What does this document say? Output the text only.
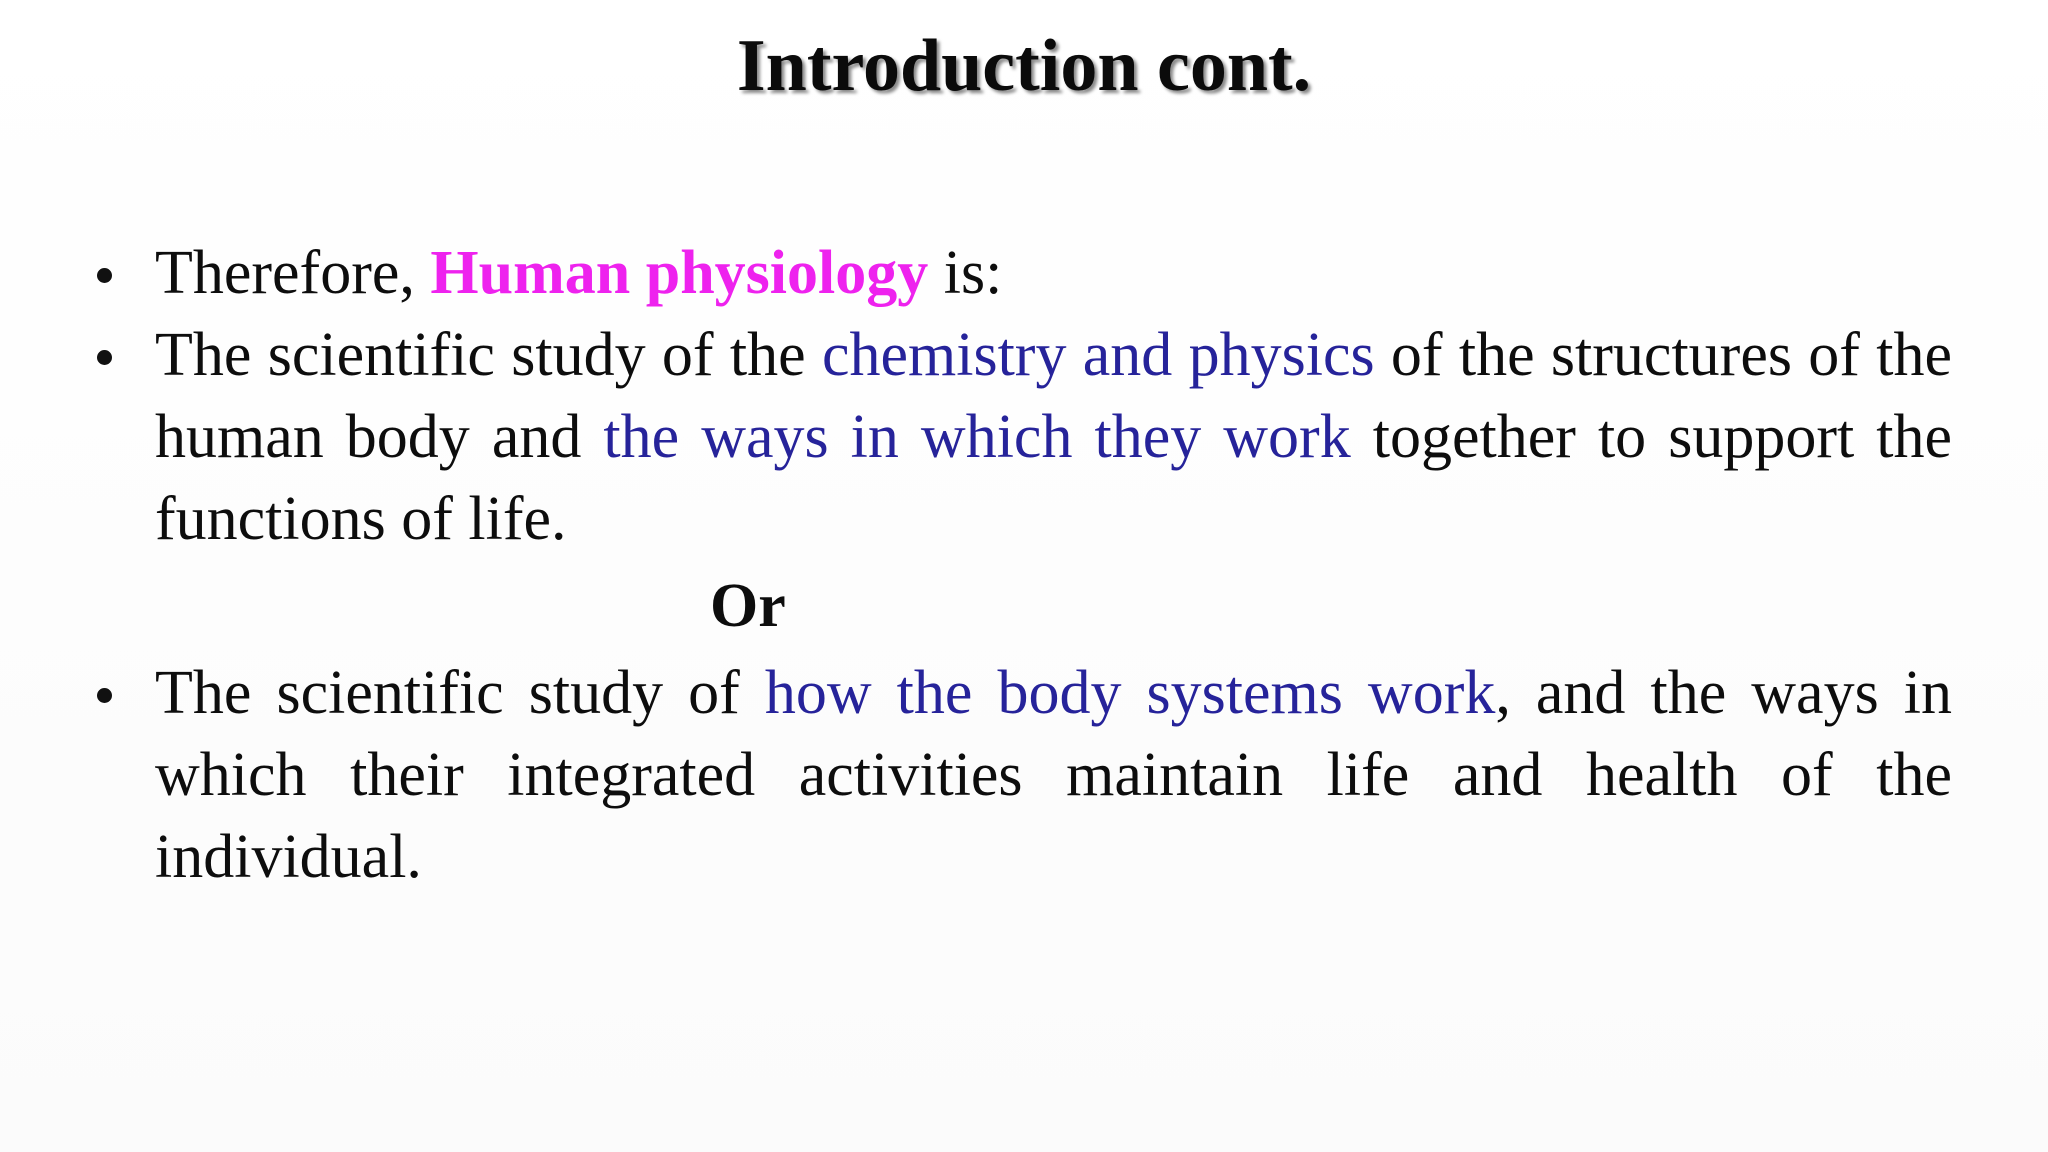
Introduction cont.
Therefore, Human physiology is:
The scientific study of the chemistry and physics of the structures of the human body and the ways in which they work together to support the functions of life.
Or
The scientific study of how the body systems work, and the ways in which their integrated activities maintain life and health of the individual.
